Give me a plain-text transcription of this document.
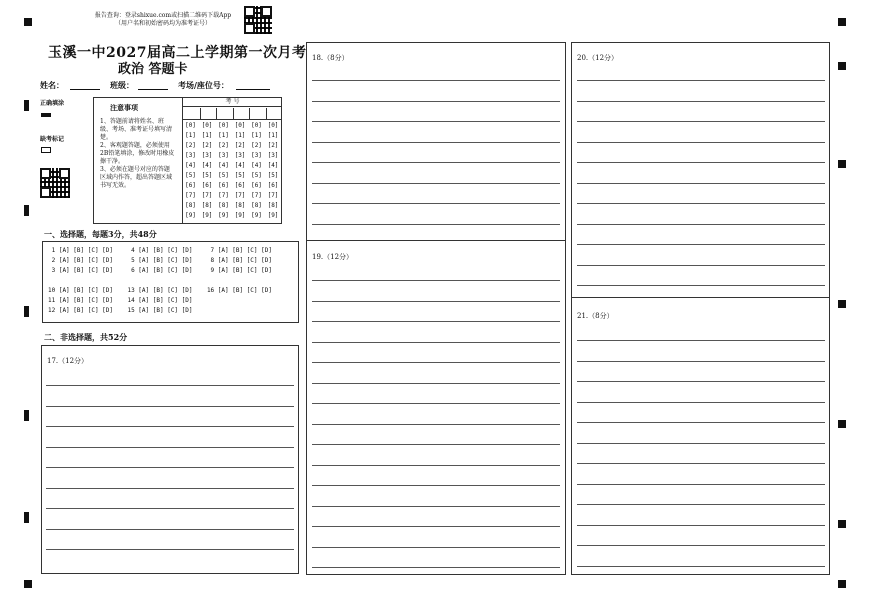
报告查询：登录shixue.com或扫描二维码下载App
（用户名和初始密码均为准考证号）
玉溪一中2027届高二上学期第一次月考
政治 答题卡
姓名：	班级：	考场/座位号：
正确填涂
缺考标记
注意事项
1、答题前请将姓名、班
级、考场、准考证号填写清
楚。
2、客观题答题，必须使用
2B铅笔填涂，修改时用橡皮
擦干净。
3、必须在题号对应的答题
区域内作答，超出答题区域
书写无效。
考 号
[0]
[1]
[2]
[3]
[4]
[5]
[6]
[7]
[8]
[9]
[0]
[1]
[2]
[3]
[4]
[5]
[6]
[7]
[8]
[9]
[0]
[1]
[2]
[3]
[4]
[5]
[6]
[7]
[8]
[9]
[0]
[1]
[2]
[3]
[4]
[5]
[6]
[7]
[8]
[9]
[0]
[1]
[2]
[3]
[4]
[5]
[6]
[7]
[8]
[9]
[0]
[1]
[2]
[3]
[4]
[5]
[6]
[7]
[8]
[9]
一、选择题，每题3分，共48分
1 [A] [B] [C] [D]     4 [A] [B] [C] [D]     7 [A] [B] [C] [D]
2 [A] [B] [C] [D]     5 [A] [B] [C] [D]     8 [A] [B] [C] [D]
3 [A] [B] [C] [D]     6 [A] [B] [C] [D]     9 [A] [B] [C] [D]

10 [A] [B] [C] [D]    13 [A] [B] [C] [D]    16 [A] [B] [C] [D]
11 [A] [B] [C] [D]    14 [A] [B] [C] [D]
12 [A] [B] [C] [D]    15 [A] [B] [C] [D]
二、非选择题，共52分
17.（12分）
18.（8分）
19.（12分）
20.（12分）
21.（8分）
